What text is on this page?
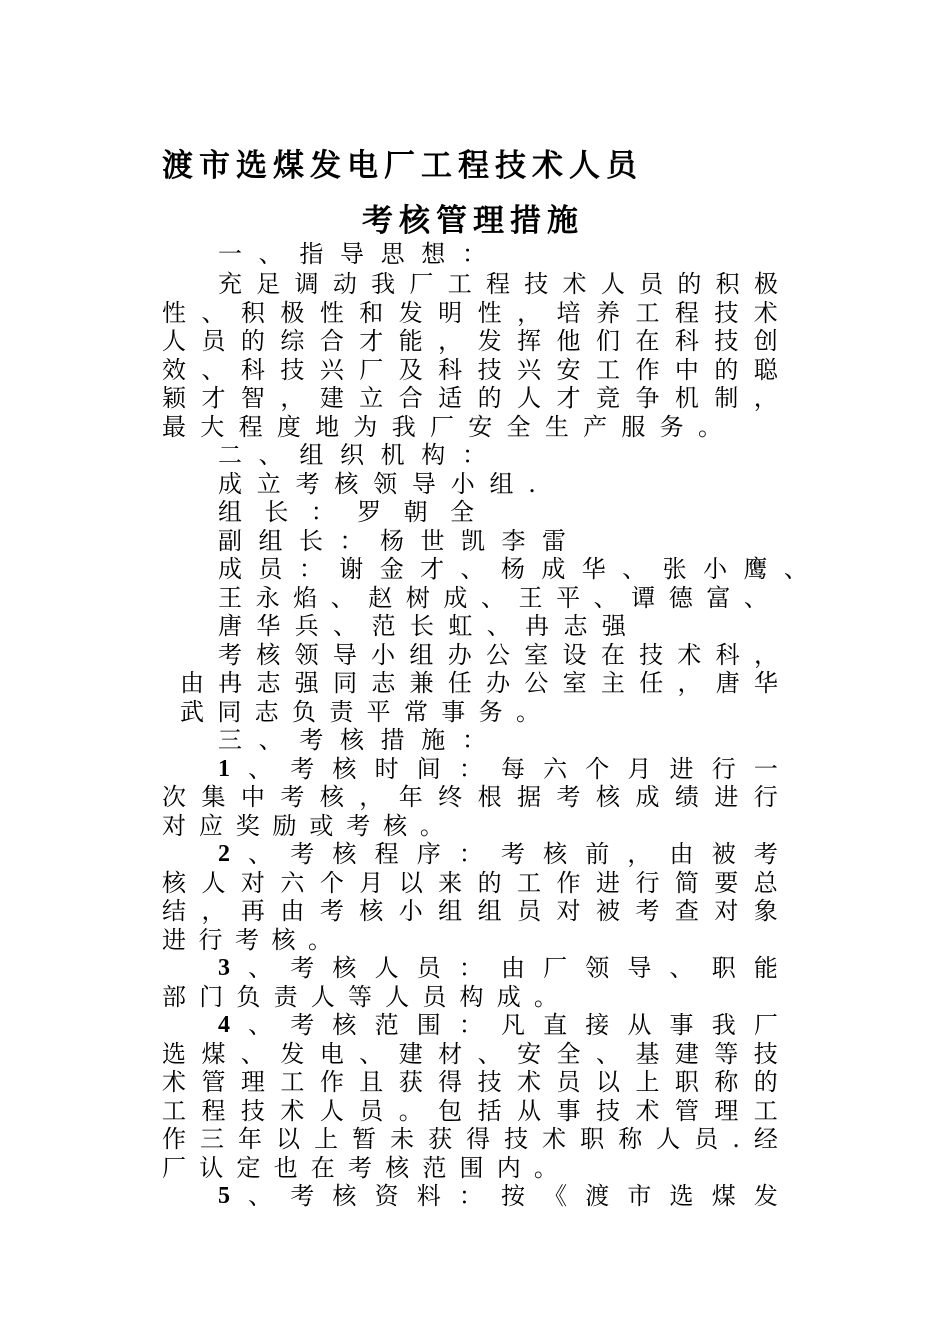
渡市选煤发电厂工程技术人员
考核管理措施
一 、 指 导 思 想 ：
充 足 调 动 我 厂 工 程 技 术 人 员 的 积 极
性 、 积 极 性 和 发 明 性 ， 培 养 工 程 技 术
人 员 的 综 合 才 能 ， 发 挥 他 们 在 科 技 创
效 、 科 技 兴 厂 及 科 技 兴 安 工 作 中 的 聪
颖 才 智 ， 建 立 合 适 的 人 才 竞 争 机 制 ，
最 大 程 度 地 为 我 厂 安 全 生 产 服 务 。
二 、 组 织 机 构 ：
成 立 考 核 领 导 小 组 .
组 长 ： 罗 朝 全
副 组 长 ： 杨 世 凯 李 雷
成 员 ： 谢 金 才 、 杨 成 华 、 张 小 鹰 、
王 永 焰 、 赵 树 成 、 王 平 、 谭 德 富 、
唐 华 兵 、 范 长 虹 、 冉 志 强
考 核 领 导 小 组 办 公 室 设 在 技 术 科 ，
由 冉 志 强 同 志 兼 任 办 公 室 主 任 ， 唐 华
武 同 志 负 责 平 常 事 务 。
三 、 考 核 措 施 ：
1 、 考 核 时 间 ： 每 六 个 月 进 行 一
次 集 中 考 核 ， 年 终 根 据 考 核 成 绩 进 行
对 应 奖 励 或 考 核 。
2 、 考 核 程 序 ： 考 核 前 ， 由 被 考
核 人 对 六 个 月 以 来 的 工 作 进 行 简 要 总
结 ， 再 由 考 核 小 组 组 员 对 被 考 查 对 象
进 行 考 核 。
3 、 考 核 人 员 ： 由 厂 领 导 、 职 能
部 门 负 责 人 等 人 员 构 成 。
4 、 考 核 范 围 ： 凡 直 接 从 事 我 厂
选 煤 、 发 电 、 建 材 、 安 全 、 基 建 等 技
术 管 理 工 作 且 获 得 技 术 员 以 上 职 称 的
工 程 技 术 人 员 。 包 括 从 事 技 术 管 理 工
作 三 年 以 上 暂 未 获 得 技 术 职 称 人 员 . 经
厂 认 定 也 在 考 核 范 围 内 。
5 、 考 核 资 料 ： 按 《 渡 市 选 煤 发
